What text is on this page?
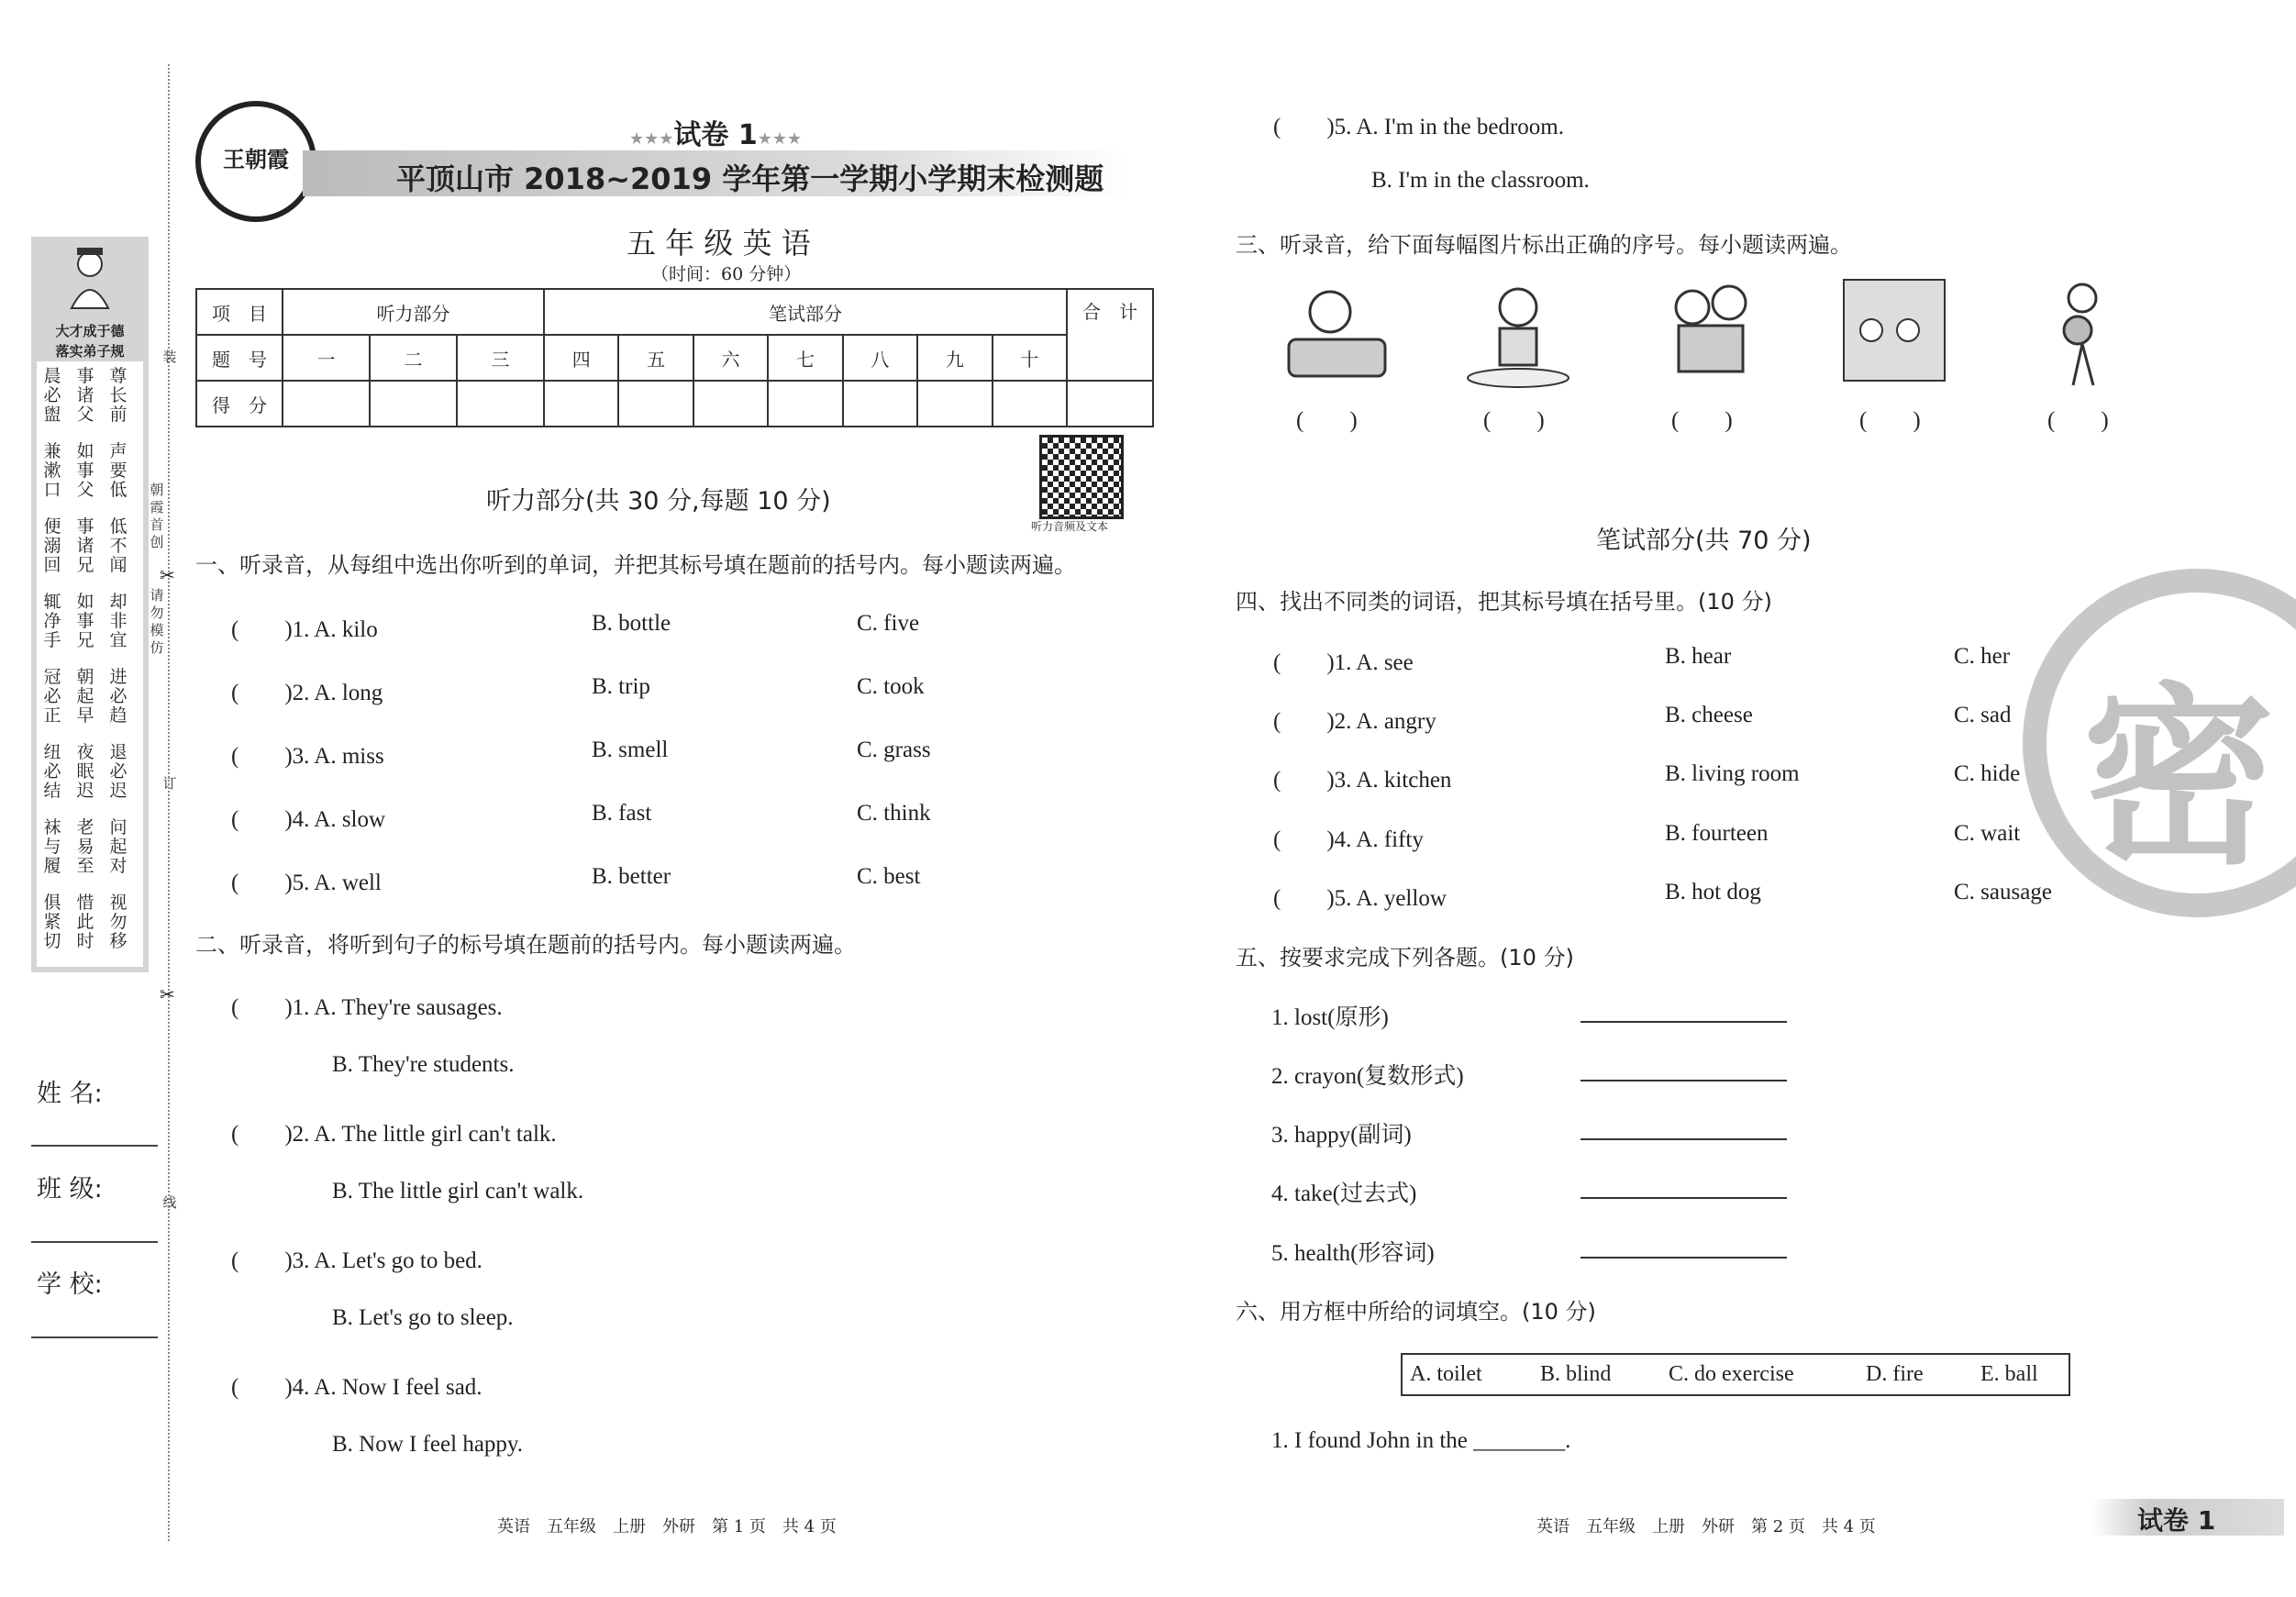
装
朝
霞
首
创
请
勿
模
仿
订
线
✂
✂
大才成于德
落实弟子规
晨
必
盥
兼
漱
口
便
溺
回
辄
净
手
冠
必
正
纽
必
结
袜
与
履
俱
紧
切
事
诸
父
如
事
父
事
诸
兄
如
事
兄
朝
起
早
夜
眠
迟
老
易
至
惜
此
时
尊
长
前
声
要
低
低
不
闻
却
非
宜
进
必
趋
退
必
迟
问
起
对
视
勿
移
姓 名:
班 级:
学 校:
王朝霞
★★★试卷 1★★★
平顶山市 2018~2019 学年第一学期小学期末检测题
五 年 级 英 语
（时间：60 分钟）
项　目	听力部分			笔试部分							合　计
题　号	一	二	三	四	五	六	七	八	九	十	
得　分											
听力音频及文本
听力部分(共 30 分,每题 10 分)
一、听录音，从每组中选出你听到的单词，并把其标号填在题前的括号内。每小题读两遍。
(　　)1. A. kilo	B. bottle	C. five
(　　)2. A. long	B. trip	C. took
(　　)3. A. miss	B. smell	C. grass
(　　)4. A. slow	B. fast	C. think
(　　)5. A. well	B. better	C. best
二、听录音，将听到句子的标号填在题前的括号内。每小题读两遍。
(　　)1. A. They're sausages.
B. They're students.
(　　)2. A. The little girl can't talk.
B. The little girl can't walk.
(　　)3. A. Let's go to bed.
B. Let's go to sleep.
(　　)4. A. Now I feel sad.
B. Now I feel happy.
英语　五年级　上册　外研　第 1 页　共 4 页
(　　)5. A. I'm in the bedroom.
B. I'm in the classroom.
三、听录音，给下面每幅图片标出正确的序号。每小题读两遍。
(　　)	(　　)	(　　)	(　　)	(　　)
密
笔试部分(共 70 分)
四、找出不同类的词语，把其标号填在括号里。(10 分)
(　　)1. A. see	B. hear	C. her
(　　)2. A. angry	B. cheese	C. sad
(　　)3. A. kitchen	B. living room	C. hide
(　　)4. A. fifty	B. fourteen	C. wait
(　　)5. A. yellow	B. hot dog	C. sausage
五、按要求完成下列各题。(10 分)
1. lost(原形)
2. crayon(复数形式)
3. happy(副词)
4. take(过去式)
5. health(形容词)
六、用方框中所给的词填空。(10 分)
A. toilet	B. blind	C. do exercise	D. fire	E. ball
1. I found John in the ________.
英语　五年级　上册　外研　第 2 页　共 4 页	试卷 1
